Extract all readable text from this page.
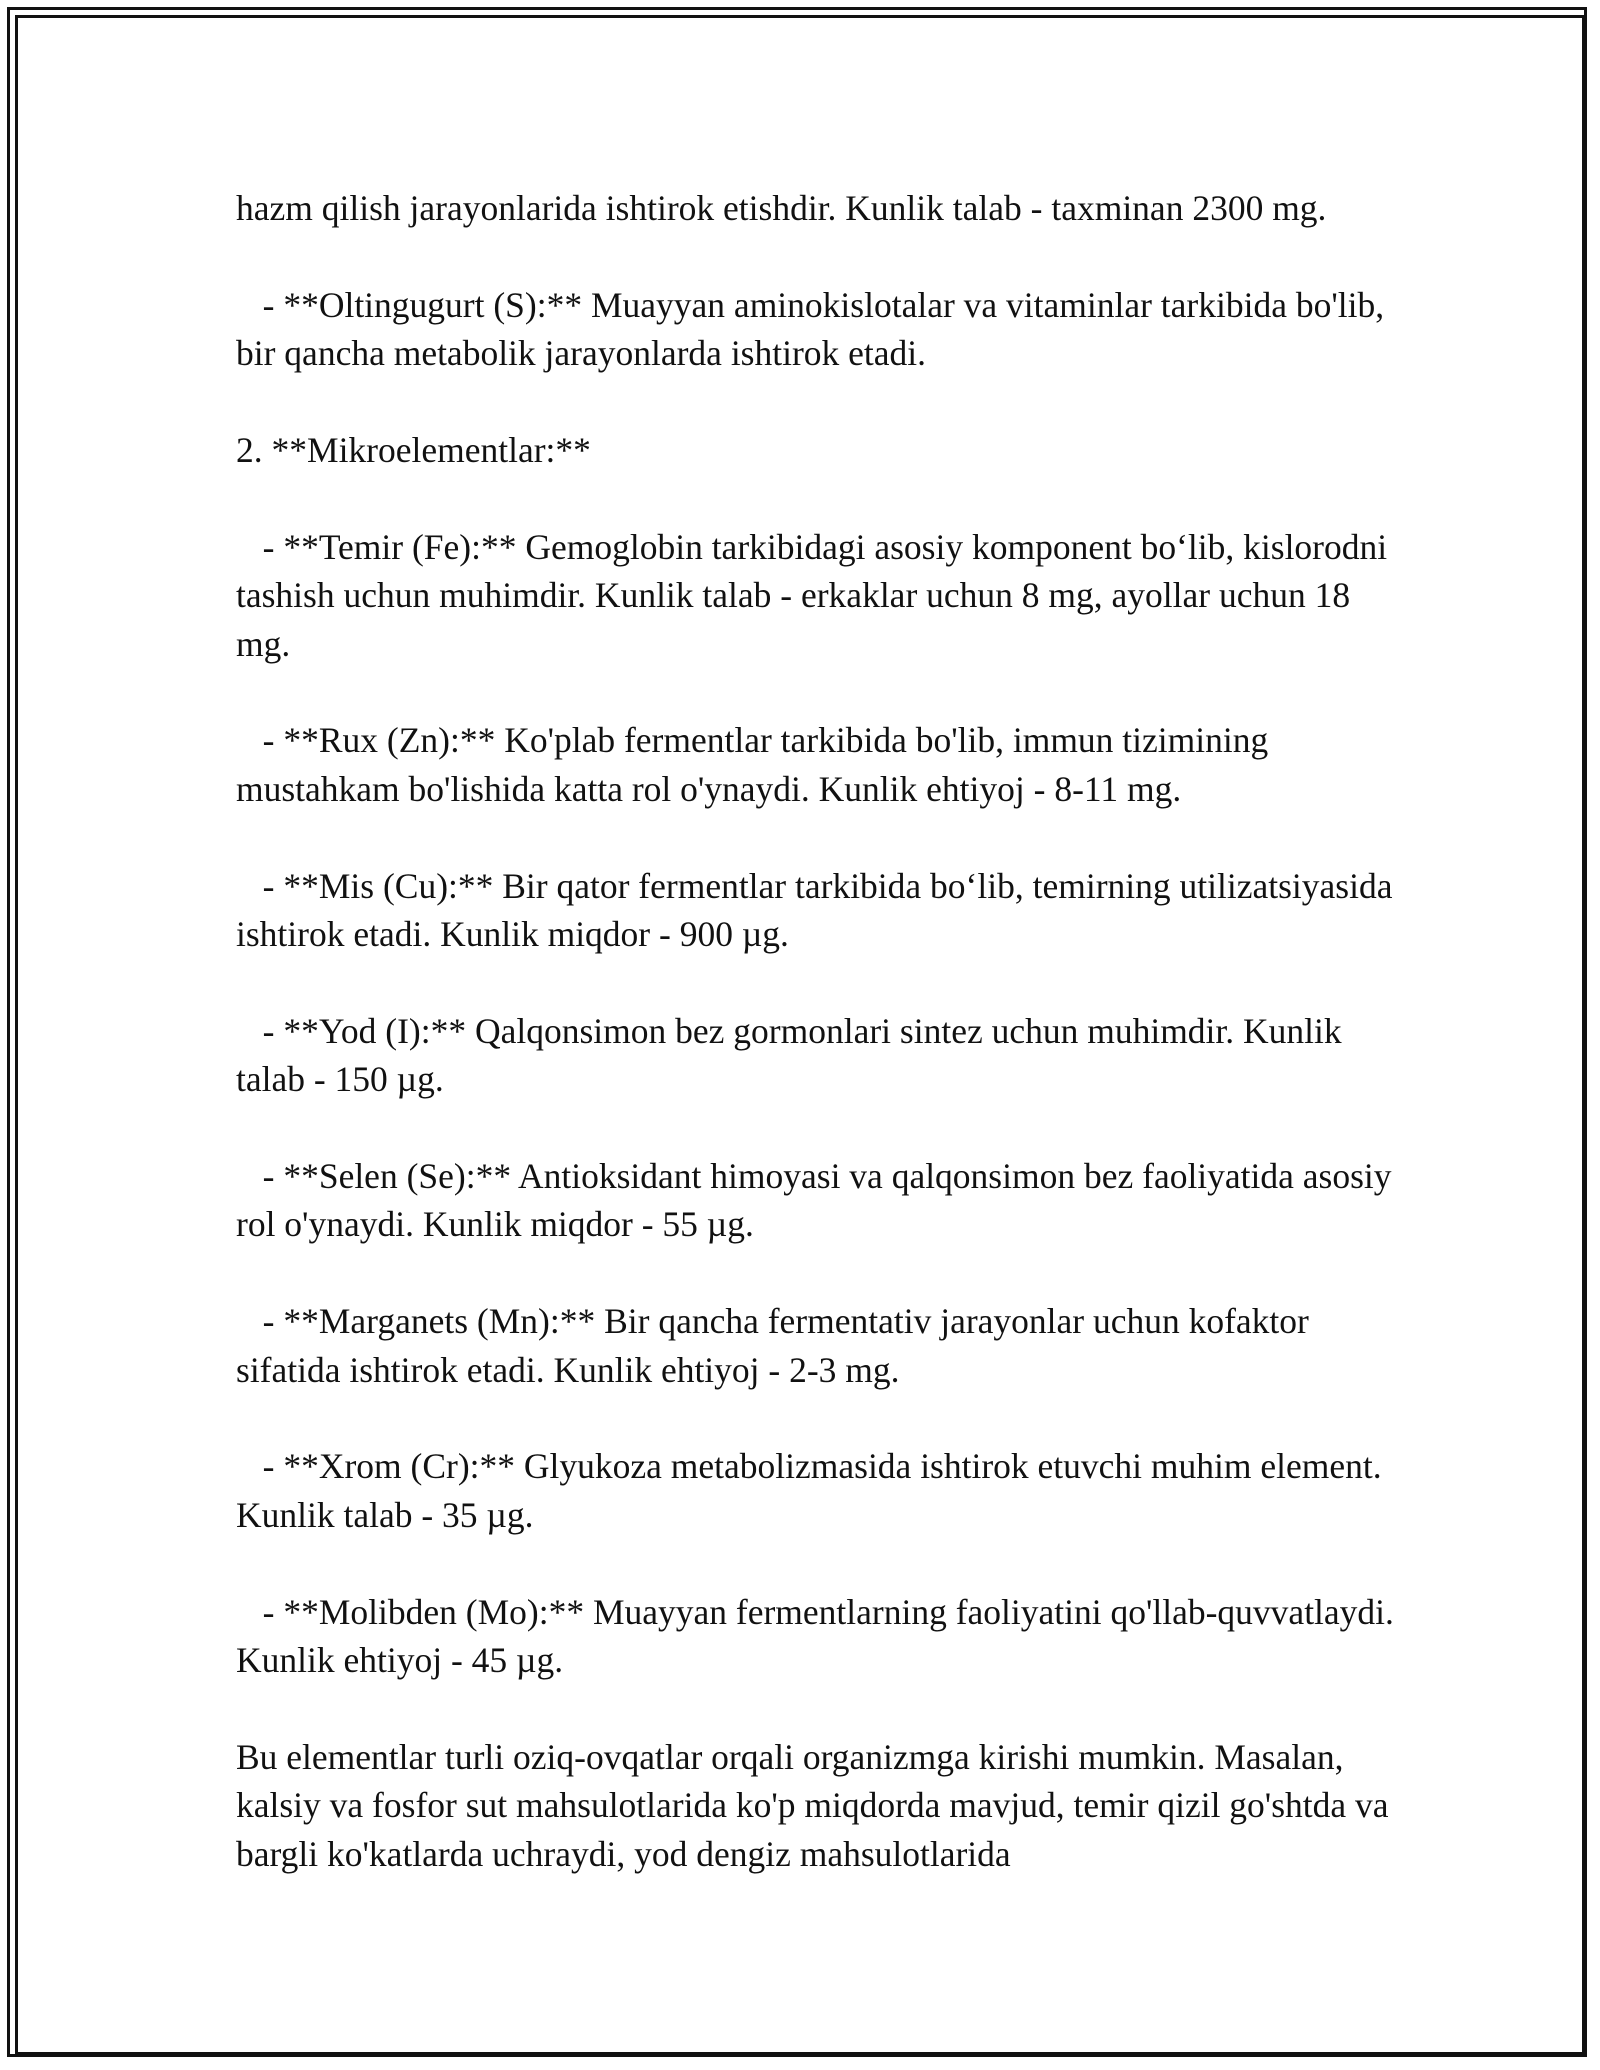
hazm qilish jarayonlarida ishtirok etishdir. Kunlik talab - taxminan 2300 mg.

- **Oltingugurt (S):** Muayyan aminokislotalar va vitaminlar tarkibida bo'lib, bir qancha metabolik jarayonlarda ishtirok etadi.

2. **Mikroelementlar:**

- **Temir (Fe):** Gemoglobin tarkibidagi asosiy komponent bo‘lib, kislorodni tashish uchun muhimdir. Kunlik talab - erkaklar uchun 8 mg, ayollar uchun 18 mg.

- **Rux (Zn):** Ko'plab fermentlar tarkibida bo'lib, immun tizimining mustahkam bo'lishida katta rol o'ynaydi. Kunlik ehtiyoj - 8-11 mg.

- **Mis (Cu):** Bir qator fermentlar tarkibida bo‘lib, temirning utilizatsiyasida ishtirok etadi. Kunlik miqdor - 900 µg.

- **Yod (I):** Qalqonsimon bez gormonlari sintez uchun muhimdir. Kunlik talab - 150 µg.

- **Selen (Se):** Antioksidant himoyasi va qalqonsimon bez faoliyatida asosiy rol o'ynaydi. Kunlik miqdor - 55 µg.

- **Marganets (Mn):** Bir qancha fermentativ jarayonlar uchun kofaktor sifatida ishtirok etadi. Kunlik ehtiyoj - 2-3 mg.

- **Xrom (Cr):** Glyukoza metabolizmasida ishtirok etuvchi muhim element. Kunlik talab - 35 µg.

- **Molibden (Mo):** Muayyan fermentlarning faoliyatini qo'llab-quvvatlaydi. Kunlik ehtiyoj - 45 µg.

Bu elementlar turli oziq-ovqatlar orqali organizmga kirishi mumkin. Masalan, kalsiy va fosfor sut mahsulotlarida ko'p miqdorda mavjud, temir qizil go'shtda va bargli ko'katlarda uchraydi, yod dengiz mahsulotlarida
